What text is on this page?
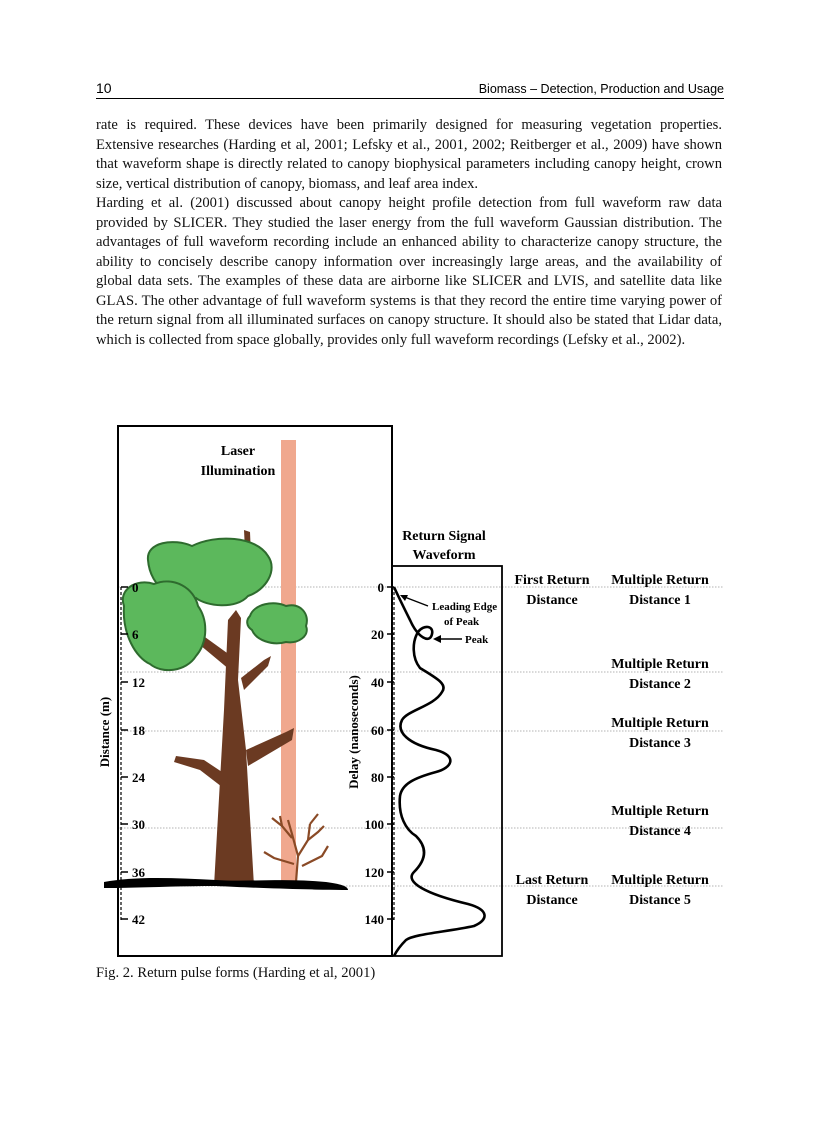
10	Biomass – Detection, Production and Usage

rate is required. These devices have been primarily designed for measuring vegetation properties. Extensive researches (Harding et al, 2001; Lefsky et al., 2001, 2002; Reitberger et al., 2009) have shown that waveform shape is directly related to canopy biophysical parameters including canopy height, crown size, vertical distribution of canopy, biomass, and leaf area index.

Harding et al. (2001) discussed about canopy height profile detection from full waveform raw data provided by SLICER. They studied the laser energy from the full waveform Gaussian distribution. The advantages of full waveform recording include an enhanced ability to characterize canopy structure, the ability to concisely describe canopy information over increasingly large areas, and the availability of global data sets. The examples of these data are airborne like SLICER and LVIS, and satellite data like GLAS. The other advantage of full waveform systems is that they record the entire time varying power of the return signal from all illuminated surfaces on canopy structure. It should also be stated that Lidar data, which is collected from space globally, provides only full waveform recordings (Lefsky et al., 2002).

Laser
Illumination
0
6
12
18
24
30
36
42
Distance (m)
0
20
40
60
80
100
120
140
Delay (nanoseconds)
Return Signal
Waveform
Leading Edge
of Peak
Peak
First Return
Distance
Multiple Return
Distance 1
Multiple Return
Distance 2
Multiple Return
Distance 3
Multiple Return
Distance 4
Last Return
Distance
Multiple Return
Distance 5
Fig. 2. Return pulse forms (Harding et al, 2001)
